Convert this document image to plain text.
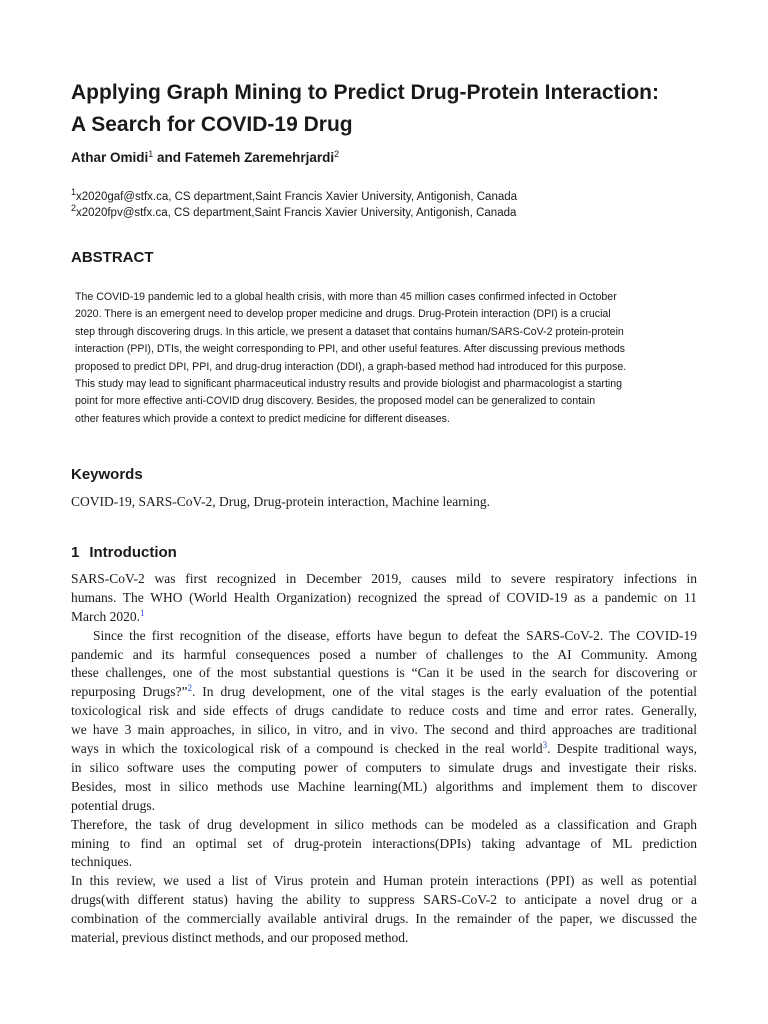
Applying Graph Mining to Predict Drug-Protein Interaction:
A Search for COVID-19 Drug
Athar Omidi$^1$ and Fatemeh Zaremehrjardi$^2$
$^1$x2020gaf@stfx.ca, CS department,Saint Francis Xavier University, Antigonish, Canada
$^2$x2020fpv@stfx.ca, CS department,Saint Francis Xavier University, Antigonish, Canada
ABSTRACT
The COVID-19 pandemic led to a global health crisis, with more than 45 million cases confirmed infected in October
2020. There is an emergent need to develop proper medicine and drugs. Drug-Protein interaction (DPI) is a crucial
step through discovering drugs. In this article, we present a dataset that contains human/SARS-CoV-2 protein-protein
interaction (PPI), DTIs, the weight corresponding to PPI, and other useful features. After discussing previous methods
proposed to predict DPI, PPI, and drug-drug interaction (DDI), a graph-based method had introduced for this purpose.
This study may lead to significant pharmaceutical industry results and provide biologist and pharmacologist a starting
point for more effective anti-COVID drug discovery. Besides, the proposed model can be generalized to contain
other features which provide a context to predict medicine for different diseases.
Keywords
COVID-19, SARS-CoV-2, Drug, Drug-protein interaction, Machine learning.
1 Introduction
SARS-CoV-2 was first recognized in December 2019, causes mild to severe respiratory infections in
humans. The WHO (World Health Organization) recognized the spread of COVID-19 as a pandemic on 11
March 2020.$^1$
Since the first recognition of the disease, efforts have begun to defeat the SARS-CoV-2. The COVID-19
pandemic and its harmful consequences posed a number of challenges to the AI Community. Among
these challenges, one of the most substantial questions is “Can it be used in the search for discovering or
repurposing Drugs?”$^2$. In drug development, one of the vital stages is the early evaluation of the potential
toxicological risk and side effects of drugs candidate to reduce costs and time and error rates. Generally,
we have 3 main approaches, in silico, in vitro, and in vivo. The second and third approaches are traditional
ways in which the toxicological risk of a compound is checked in the real world$^3$. Despite traditional ways,
in silico software uses the computing power of computers to simulate drugs and investigate their risks.
Besides, most in silico methods use Machine learning(ML) algorithms and implement them to discover
potential drugs.
Therefore, the task of drug development in silico methods can be modeled as a classification and Graph
mining to find an optimal set of drug-protein interactions(DPIs) taking advantage of ML prediction
techniques.
In this review, we used a list of Virus protein and Human protein interactions (PPI) as well as potential
drugs(with different status) having the ability to suppress SARS-CoV-2 to anticipate a novel drug or a
combination of the commercially available antiviral drugs. In the remainder of the paper, we discussed the
material, previous distinct methods, and our proposed method.
